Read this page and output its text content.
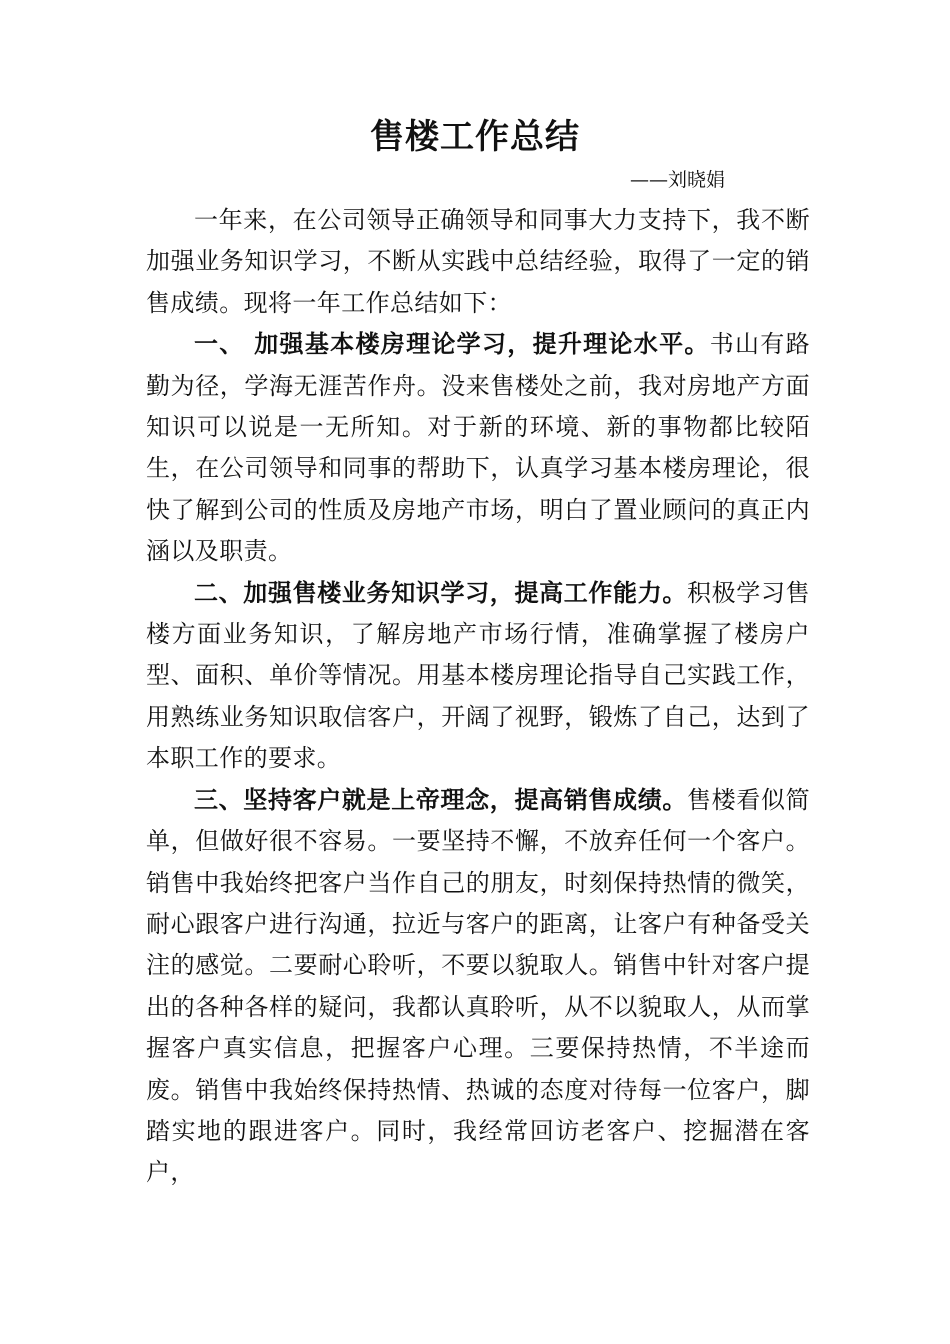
售楼工作总结
——刘晓娟

一年来，在公司领导正确领导和同事大力支持下，我不断加强业务知识学习，不断从实践中总结经验，取得了一定的销售成绩。现将一年工作总结如下：

一、 加强基本楼房理论学习，提升理论水平。书山有路勤为径，学海无涯苦作舟。没来售楼处之前，我对房地产方面知识可以说是一无所知。对于新的环境、新的事物都比较陌生，在公司领导和同事的帮助下，认真学习基本楼房理论，很快了解到公司的性质及房地产市场，明白了置业顾问的真正内涵以及职责。

二、加强售楼业务知识学习，提高工作能力。积极学习售楼方面业务知识，了解房地产市场行情，准确掌握了楼房户型、面积、单价等情况。用基本楼房理论指导自己实践工作，用熟练业务知识取信客户，开阔了视野，锻炼了自己，达到了本职工作的要求。

三、坚持客户就是上帝理念，提高销售成绩。售楼看似简单，但做好很不容易。一要坚持不懈，不放弃任何一个客户。销售中我始终把客户当作自己的朋友，时刻保持热情的微笑，耐心跟客户进行沟通，拉近与客户的距离，让客户有种备受关注的感觉。二要耐心聆听，不要以貌取人。销售中针对客户提出的各种各样的疑问，我都认真聆听，从不以貌取人，从而掌握客户真实信息，把握客户心理。三要保持热情，不半途而废。销售中我始终保持热情、热诚的态度对待每一位客户，脚踏实地的跟进客户。同时，我经常回访老客户、挖掘潜在客户，
